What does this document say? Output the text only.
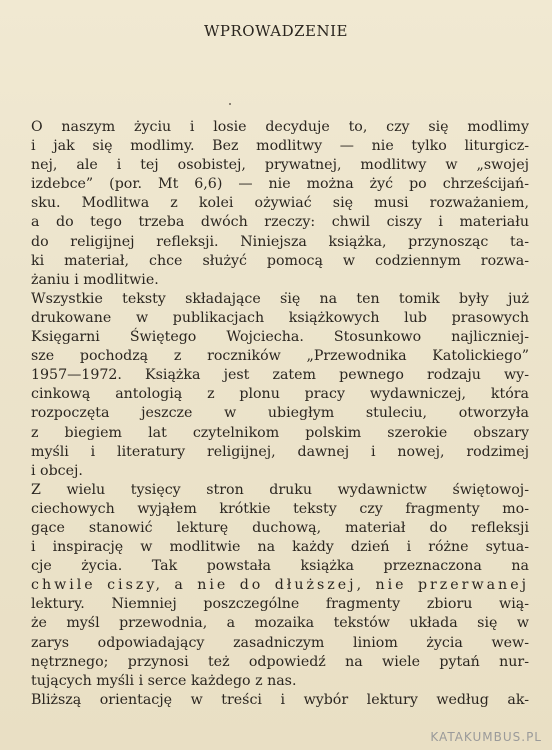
WPROWADZENIE
O naszym życiu i losie decyduje to, czy się modlimy
i jak się modlimy. Bez modlitwy — nie tylko liturgicz-
nej, ale i tej osobistej, prywatnej, modlitwy w „swojej
izdebce” (por. Mt 6,6) — nie można żyć po chrześcijań-
sku. Modlitwa z kolei ożywiać się musi rozważaniem,
a do tego trzeba dwóch rzeczy: chwil ciszy i materiału
do religijnej refleksji. Niniejsza książka, przynosząc ta-
ki materiał, chce służyć pomocą w codziennym rozwa-
żaniu i modlitwie.
Wszystkie teksty składające się na ten tomik były już
drukowane w publikacjach książkowych lub prasowych
Księgarni Świętego Wojciecha. Stosunkowo najliczniej-
sze pochodzą z roczników „Przewodnika Katolickiego”
1957—1972. Książka jest zatem pewnego rodzaju wy-
cinkową antologią z plonu pracy wydawniczej, która
rozpoczęta jeszcze w ubiegłym stuleciu, otworzyła
z biegiem lat czytelnikom polskim szerokie obszary
myśli i literatury religijnej, dawnej i nowej, rodzimej
i obcej.
Z wielu tysięcy stron druku wydawnictw świętowoj-
ciechowych wyjąłem krótkie teksty czy fragmenty mo-
gące stanowić lekturę duchową, materiał do refleksji
i inspirację w modlitwie na każdy dzień i różne sytua-
cje życia. Tak powstała książka przeznaczona na
chwile ciszy, a nie do dłuższej, nie przerwanej
lektury. Niemniej poszczególne fragmenty zbioru wią-
że myśl przewodnia, a mozaika tekstów układa się w
zarys odpowiadający zasadniczym liniom życia wew-
nętrznego; przynosi też odpowiedź na wiele pytań nur-
tujących myśli i serce każdego z nas.
Bliższą orientację w treści i wybór lektury według ak-
KATAKUMBUS.PL
